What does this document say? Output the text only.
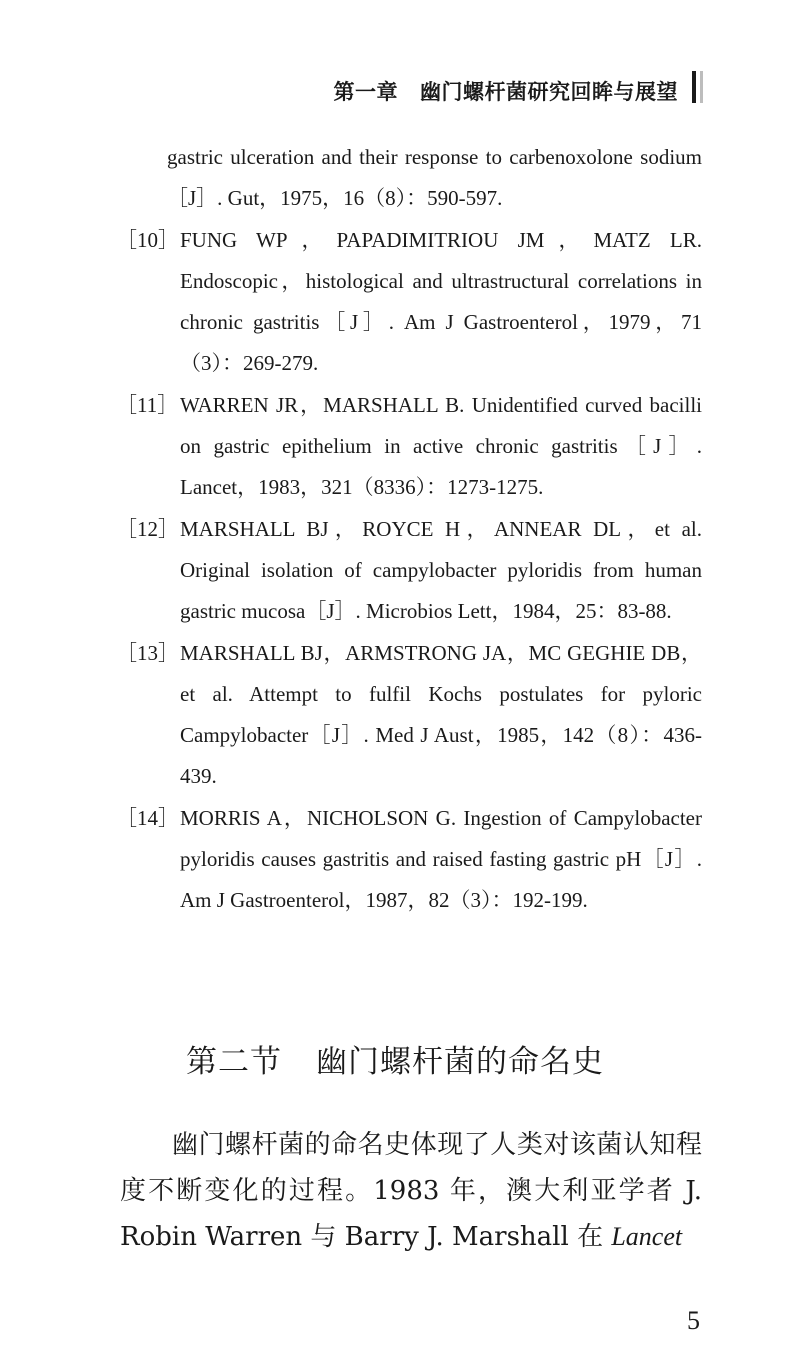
第一章 幽门螺杆菌研究回眸与展望
gastric ulceration and their response to carbenoxolone sodium［J］. Gut，1975，16（8）：590-597.
［10］ FUNG WP，PAPADIMITRIOU JM，MATZ LR. Endoscopic，histological and ultrastructural correlations in chronic gastritis［J］. Am J Gastroenterol，1979，71（3）：269-279.
［11］ WARREN JR，MARSHALL B. Unidentified curved bacilli on gastric epithelium in active chronic gastritis［J］. Lancet，1983，321（8336）：1273-1275.
［12］ MARSHALL BJ，ROYCE H，ANNEAR DL，et al. Original isolation of campylobacter pyloridis from human gastric mucosa［J］. Microbios Lett，1984，25：83-88.
［13］ MARSHALL BJ，ARMSTRONG JA，MC GEGHIE DB，et al. Attempt to fulfil Kochs postulates for pyloric Campylobacter［J］. Med J Aust，1985，142（8）：436-439.
［14］ MORRIS A，NICHOLSON G. Ingestion of Campylobacter pyloridis causes gastritis and raised fasting gastric pH［J］. Am J Gastroenterol，1987，82（3）：192-199.
第二节 幽门螺杆菌的命名史

幽门螺杆菌的命名史体现了人类对该菌认知程度不断变化的过程。1983 年，澳大利亚学者 J. Robin Warren 与 Barry J. Marshall 在 Lancet

5
